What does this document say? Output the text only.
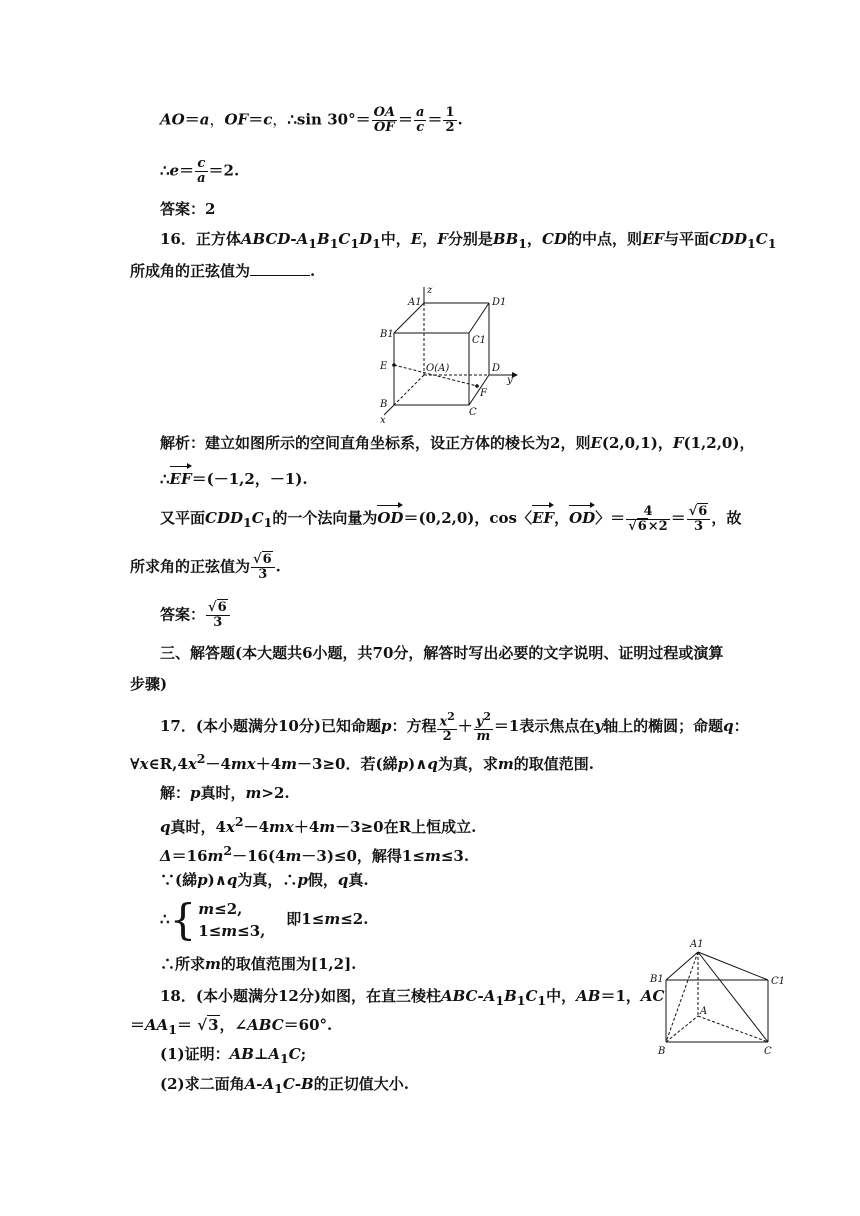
AO＝a，OF＝c，∴sin $30^\circ= \frac{OA}{OF} = \frac{a}{c} = \frac{1}{2}$ .
∴e＝ $\frac{c}{a} =2$.
答案：2
16．正方体ABCD-$A_1B_1C_1D_1$中，E，F分别是$BB_1$，CD的中点，则EF与平面$CDD_1C_1$
所成角的正弦值为	.
A1	D1
B1
C1
O(A)	D
E
B
C
F
z
y
x
解析：建立如图所示的空间直角坐标系，设正方体的棱长为2，则E(2,0,1)，F(1,2,0)，
∴EF＝(－1,2，－1).
又平面$CDD_1C_1$的一个法向量为OD＝(0,2,0)，cos〈EF，OD〉＝ $\frac{4}{√6\times 2} = \frac{√6}{3}$ ，故
所求角的正弦值为 $\frac{√6}{3}$ .
答案： $\frac{√6}{3}$
三、解答题(本大题共6小题，共70分，解答时写出必要的文字说明、证明过程或演算
步骤)
17．(本小题满分10分)已知命题p：方程 $\frac{x^2}{2} + \frac{y^2}{m} =1$表示焦点在y轴上的椭圆；命题q：
$\forall x\in R,4x^2-4mx+4m-3\ge 0$．若(綈p)∧q为真，求m的取值范围.
解：p真时，m>2.
q真时，$4x^2-4mx+4m-3\ge 0$在R上恒成立.
$\Delta=16m^2-16(4m-3)\le 0$，解得1≤m≤3.
∵(綈p)∧q为真，∴p假，q真.
∴{ m≤2,
1≤m≤3,
即1≤m≤2.
∴所求m的取值范围为[1,2].
18．(本小题满分12分)如图，在直三棱柱ABC-$A_1B_1C_1$中，AB＝1，AC
$=AA_1= √3$，∠ABC＝60°.
(1)证明：$AB\perp A_1C$;
(2)求二面角$A-A_1C-B$的正切值大小.
A1
B1	C1
A
B	C
